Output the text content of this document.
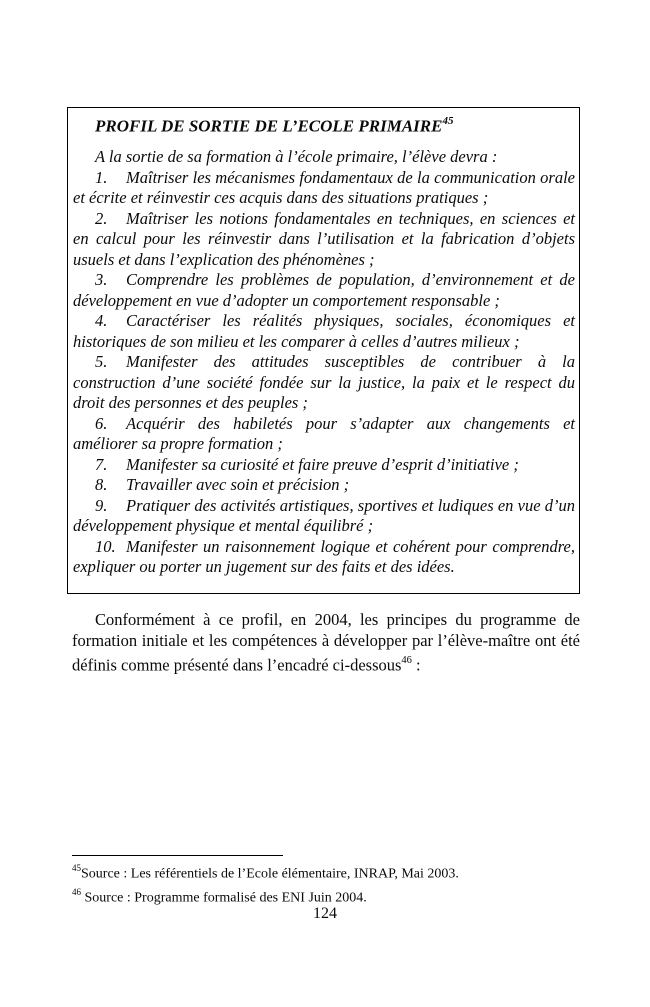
PROFIL DE SORTIE DE L’ECOLE PRIMAIRE$^{45}$

A la sortie de sa formation à l’école primaire, l’élève devra :

1. Maîtriser les mécanismes fondamentaux de la communication orale et écrite et réinvestir ces acquis dans des situations pratiques ;

2. Maîtriser les notions fondamentales en techniques, en sciences et en calcul pour les réinvestir dans l’utilisation et la fabrication d’objets usuels et dans l’explication des phénomènes ;

3. Comprendre les problèmes de population, d’environnement et de développement en vue d’adopter un comportement responsable ;

4. Caractériser les réalités physiques, sociales, économiques et historiques de son milieu et les comparer à celles d’autres milieux ;

5. Manifester des attitudes susceptibles de contribuer à la construction d’une société fondée sur la justice, la paix et le respect du droit des personnes et des peuples ;

6. Acquérir des habiletés pour s’adapter aux changements et améliorer sa propre formation ;

7. Manifester sa curiosité et faire preuve d’esprit d’initiative ;

8. Travailler avec soin et précision ;

9. Pratiquer des activités artistiques, sportives et ludiques en vue d’un développement physique et mental équilibré ;

10. Manifester un raisonnement logique et cohérent pour comprendre, expliquer ou porter un jugement sur des faits et des idées.

Conformément à ce profil, en 2004, les principes du programme de formation initiale et les compétences à développer par l’élève-maître ont été définis comme présenté dans l’encadré ci-dessous$^{46}$ :

$^{45}$Source : Les référentiels de l’Ecole élémentaire, INRAP, Mai 2003.

$^{46}$ Source : Programme formalisé des ENI Juin 2004.

124
